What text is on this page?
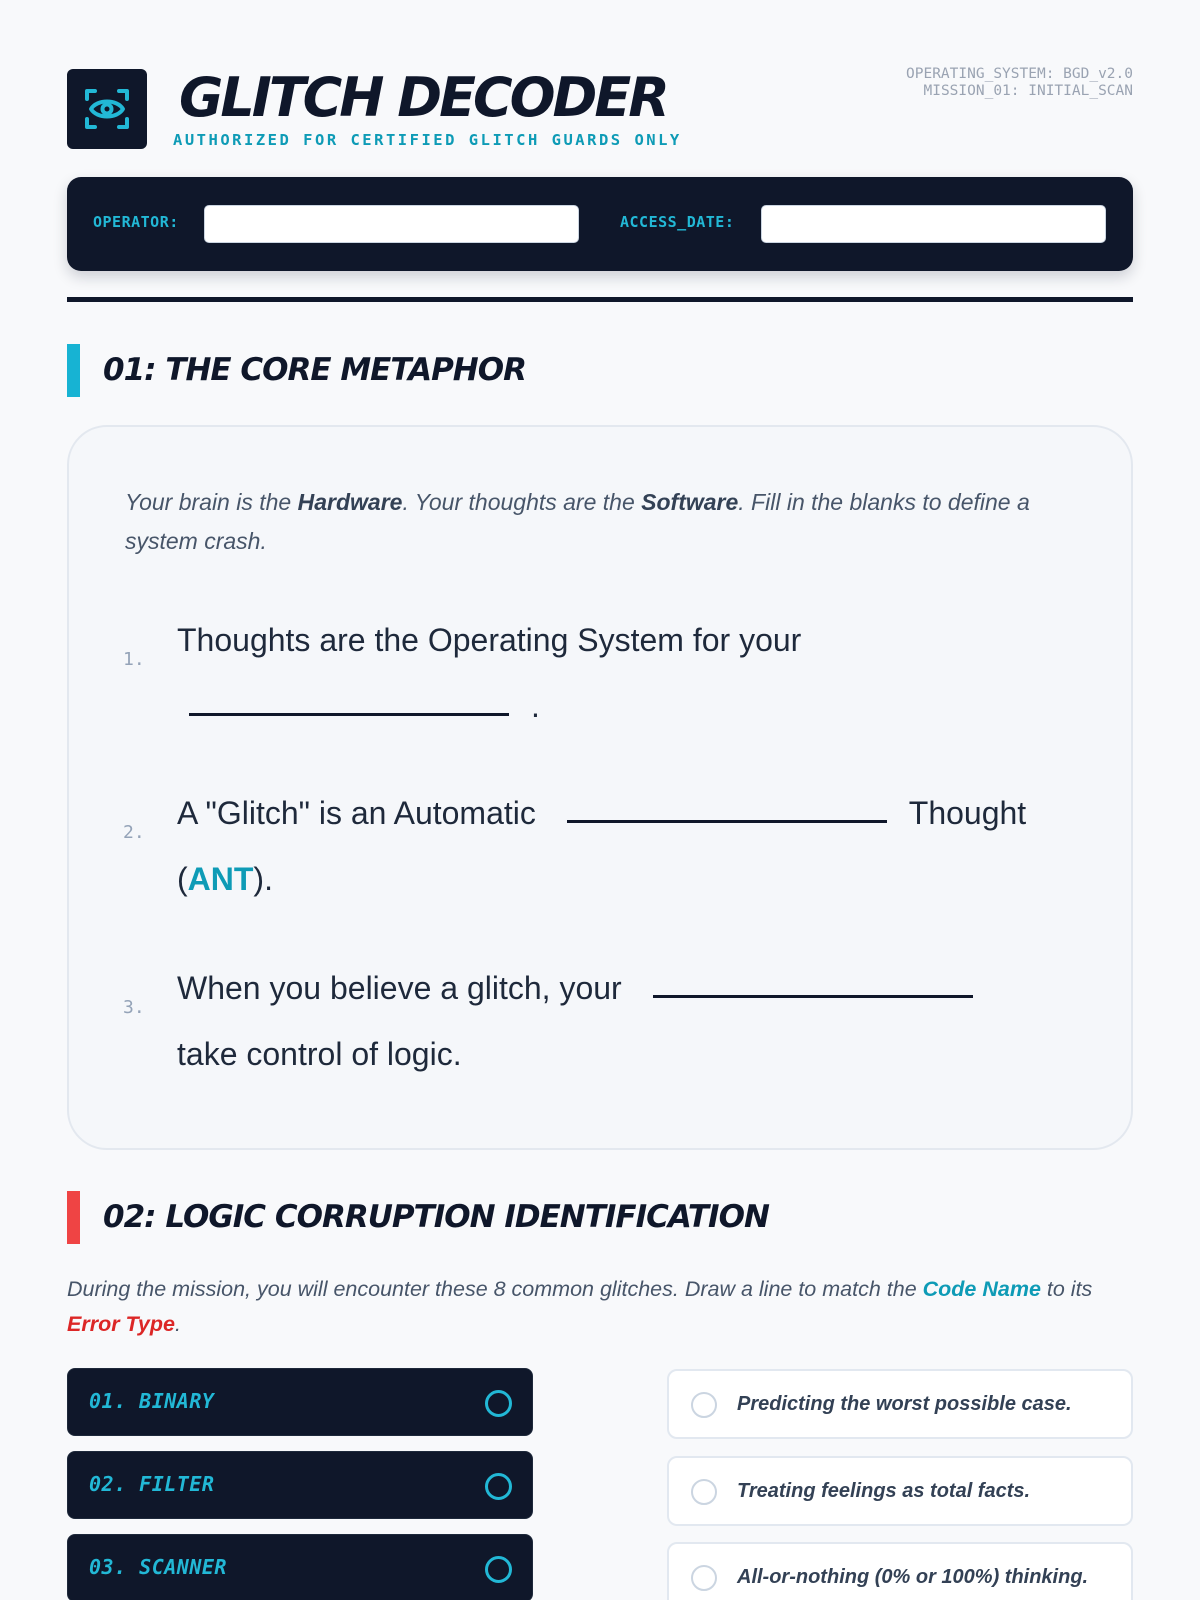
GLITCH DECODER
AUTHORIZED FOR CERTIFIED GLITCH GUARDS ONLY
OPERATING_SYSTEM: BGD_v2.0
MISSION_01: INITIAL_SCAN
OPERATOR:	ACCESS_DATE:
01: THE CORE METAPHOR
Your brain is the Hardware. Your thoughts are the Software. Fill in the blanks to define a system crash.
1.
Thoughts are the Operating System for your
.
2.
A "Glitch" is an Automatic	Thought
(ANT).
3.
When you believe a glitch, your
take control of logic.
02: LOGIC CORRUPTION IDENTIFICATION
During the mission, you will encounter these 8 common glitches. Draw a line to match the Code Name to its Error Type.
01. BINARY
02. FILTER
03. SCANNER
Predicting the worst possible case.
Treating feelings as total facts.
All-or-nothing (0% or 100%) thinking.
